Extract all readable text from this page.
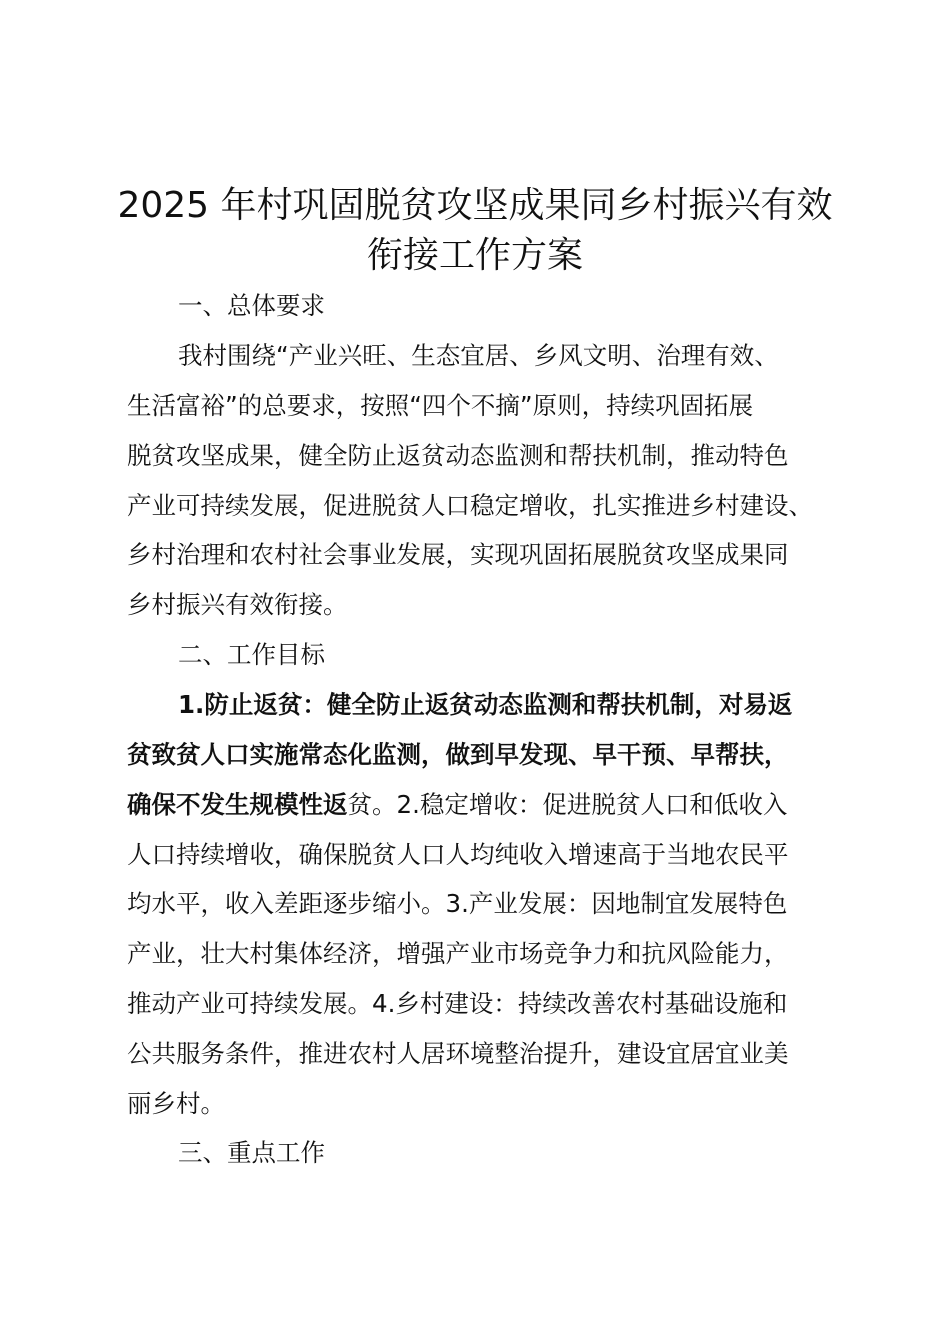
2025 年村巩固脱贫攻坚成果同乡村振兴有效
衔接工作方案
一、总体要求
我村围绕“产业兴旺、生态宜居、乡风文明、治理有效、
生活富裕”的总要求，按照“四个不摘”原则，持续巩固拓展
脱贫攻坚成果，健全防止返贫动态监测和帮扶机制，推动特色
产业可持续发展，促进脱贫人口稳定增收，扎实推进乡村建设、
乡村治理和农村社会事业发展，实现巩固拓展脱贫攻坚成果同
乡村振兴有效衔接。
二、工作目标
1.防止返贫：健全防止返贫动态监测和帮扶机制，对易返
贫致贫人口实施常态化监测，做到早发现、早干预、早帮扶，
确保不发生规模性返贫。2.稳定增收：促进脱贫人口和低收入
人口持续增收，确保脱贫人口人均纯收入增速高于当地农民平
均水平，收入差距逐步缩小。3.产业发展：因地制宜发展特色
产业，壮大村集体经济，增强产业市场竞争力和抗风险能力，
推动产业可持续发展。4.乡村建设：持续改善农村基础设施和
公共服务条件，推进农村人居环境整治提升，建设宜居宜业美
丽乡村。
三、重点工作
